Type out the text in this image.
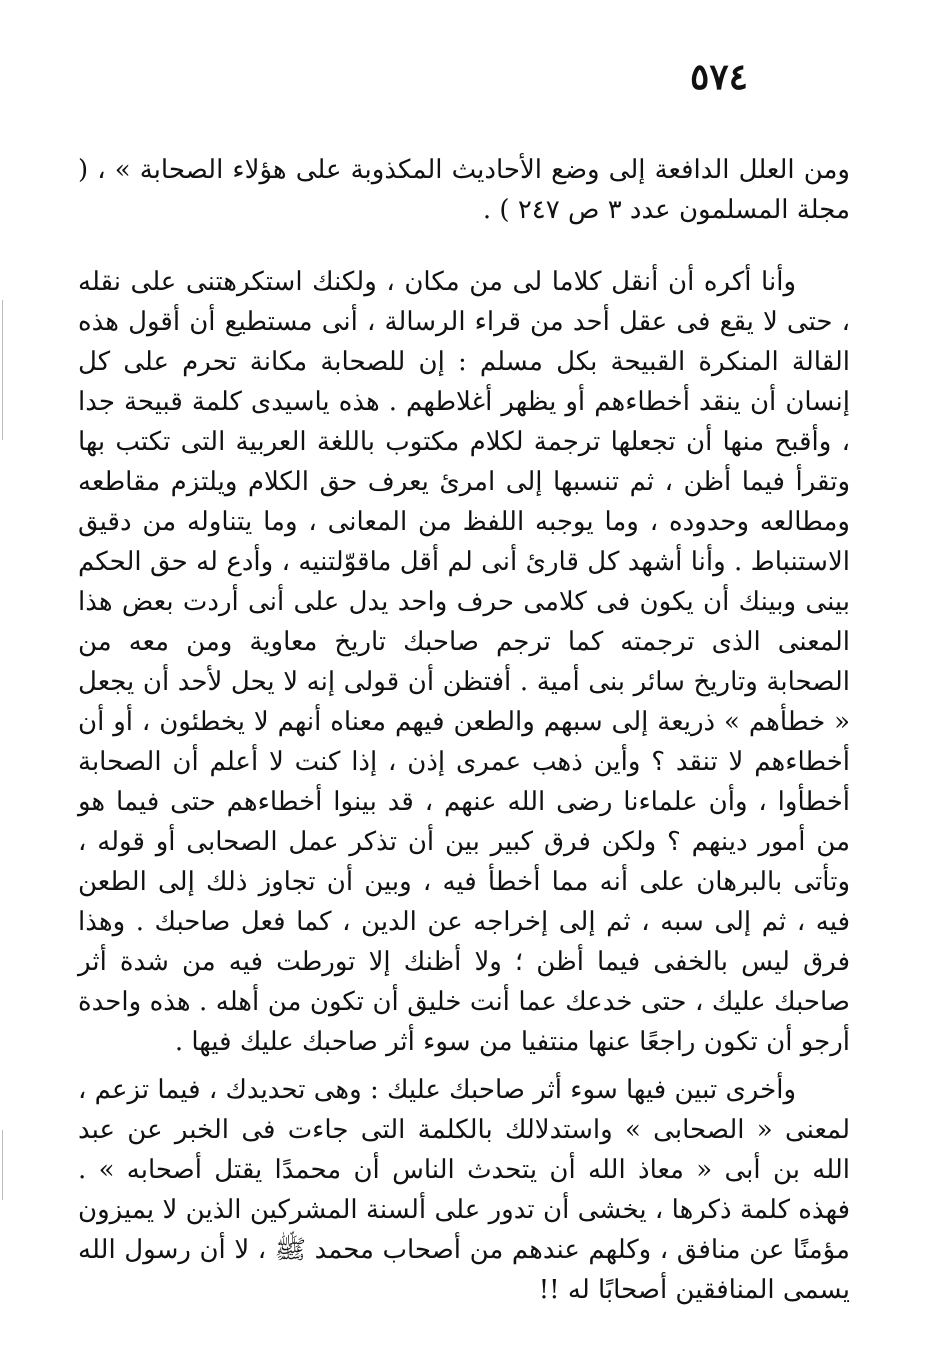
٥٧٤

ومن العلل الدافعة إلى وضع الأحاديث المكذوبة على هؤلاء الصحابة » ، ( مجلة المسلمون عدد ٣ ص ٢٤٧ ) .

وأنا أكره أن أنقل كلاما لى من مكان ، ولكنك استكرهتنى على نقله ، حتى لا يقع فى عقل أحد من قراء الرسالة ، أنى مستطيع أن أقول هذه القالة المنكرة القبيحة بكل مسلم : إن للصحابة مكانة تحرم على كل إنسان أن ينقد أخطاءهم أو يظهر أغلاطهم . هذه ياسيدى كلمة قبيحة جدا ، وأقبح منها أن تجعلها ترجمة لكلام مكتوب باللغة العربية التى تكتب بها وتقرأ فيما أظن ، ثم تنسبها إلى امرئ يعرف حق الكلام ويلتزم مقاطعه ومطالعه وحدوده ، وما يوجبه اللفظ من المعانى ، وما يتناوله من دقيق الاستنباط . وأنا أشهد كل قارئ أنى لم أقل ماقوّلتنيه ، وأدع له حق الحكم بينى وبينك أن يكون فى كلامى حرف واحد يدل على أنى أردت بعض هذا المعنى الذى ترجمته كما ترجم صاحبك تاريخ معاوية ومن معه من الصحابة وتاريخ سائر بنى أمية . أفتظن أن قولى إنه لا يحل لأحد أن يجعل « خطأهم » ذريعة إلى سبهم والطعن فيهم معناه أنهم لا يخطئون ، أو أن أخطاءهم لا تنقد ؟ وأين ذهب عمرى إذن ، إذا كنت لا أعلم أن الصحابة أخطأوا ، وأن علماءنا رضى الله عنهم ، قد بينوا أخطاءهم حتى فيما هو من أمور دينهم ؟ ولكن فرق كبير بين أن تذكر عمل الصحابى أو قوله ، وتأتى بالبرهان على أنه مما أخطأ فيه ، وبين أن تجاوز ذلك إلى الطعن فيه ، ثم إلى سبه ، ثم إلى إخراجه عن الدين ، كما فعل صاحبك . وهذا فرق ليس بالخفى فيما أظن ؛ ولا أظنك إلا تورطت فيه من شدة أثر صاحبك عليك ، حتى خدعك عما أنت خليق أن تكون من أهله . هذه واحدة أرجو أن تكون راجعًا عنها منتفيا من سوء أثر صاحبك عليك فيها .

وأخرى تبين فيها سوء أثر صاحبك عليك : وهى تحديدك ، فيما تزعم ، لمعنى « الصحابى » واستدلالك بالكلمة التى جاءت فى الخبر عن عبد الله بن أبى « معاذ الله أن يتحدث الناس أن محمدًا يقتل أصحابه » . فهذه كلمة ذكرها ، يخشى أن تدور على ألسنة المشركين الذين لا يميزون مؤمنًا عن منافق ، وكلهم عندهم من أصحاب محمد ﷺ ، لا أن رسول الله يسمى المنافقين أصحابًا له !!
